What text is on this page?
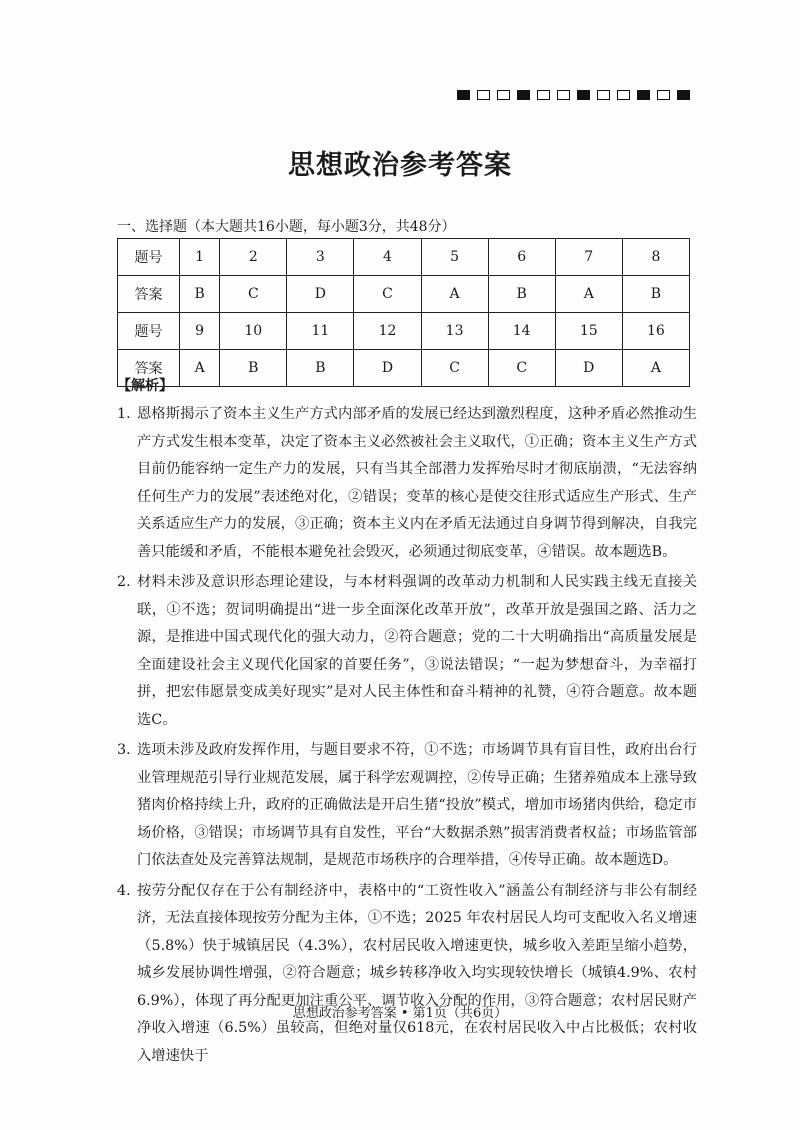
思想政治参考答案
一、选择题（本大题共16小题，每小题3分，共48分）
题号	1	2	3	4	5	6	7	8
答案	B	C	D	C	A	B	A	B
题号	9	10	11	12	13	14	15	16
答案	A	B	B	D	C	C	D	A
【解析】
1. 恩格斯揭示了资本主义生产方式内部矛盾的发展已经达到激烈程度，这种矛盾必然推动生产方式发生根本变革，决定了资本主义必然被社会主义取代，①正确；资本主义生产方式目前仍能容纳一定生产力的发展，只有当其全部潜力发挥殆尽时才彻底崩溃，“无法容纳任何生产力的发展”表述绝对化，②错误；变革的核心是使交往形式适应生产形式、生产关系适应生产力的发展，③正确；资本主义内在矛盾无法通过自身调节得到解决，自我完善只能缓和矛盾，不能根本避免社会毁灭，必须通过彻底变革，④错误。故本题选B。
2. 材料未涉及意识形态理论建设，与本材料强调的改革动力机制和人民实践主线无直接关联，①不选；贺词明确提出“进一步全面深化改革开放”，改革开放是强国之路、活力之源，是推进中国式现代化的强大动力，②符合题意；党的二十大明确指出“高质量发展是全面建设社会主义现代化国家的首要任务”，③说法错误；“一起为梦想奋斗，为幸福打拼，把宏伟愿景变成美好现实”是对人民主体性和奋斗精神的礼赞，④符合题意。故本题选C。
3. 选项未涉及政府发挥作用，与题目要求不符，①不选；市场调节具有盲目性，政府出台行业管理规范引导行业规范发展，属于科学宏观调控，②传导正确；生猪养殖成本上涨导致猪肉价格持续上升，政府的正确做法是开启生猪“投放”模式，增加市场猪肉供给，稳定市场价格，③错误；市场调节具有自发性，平台“大数据杀熟”损害消费者权益；市场监管部门依法查处及完善算法规制，是规范市场秩序的合理举措，④传导正确。故本题选D。
4. 按劳分配仅存在于公有制经济中，表格中的“工资性收入”涵盖公有制经济与非公有制经济，无法直接体现按劳分配为主体，①不选；2025 年农村居民人均可支配收入名义增速（5.8%）快于城镇居民（4.3%），农村居民收入增速更快，城乡收入差距呈缩小趋势，城乡发展协调性增强，②符合题意；城乡转移净收入均实现较快增长（城镇4.9%、农村6.9%），体现了再分配更加注重公平、调节收入分配的作用，③符合题意；农村居民财产净收入增速（6.5%）虽较高，但绝对量仅618元，在农村居民收入中占比极低；农村收入增速快于
思想政治参考答案 • 第1页（共6页）
